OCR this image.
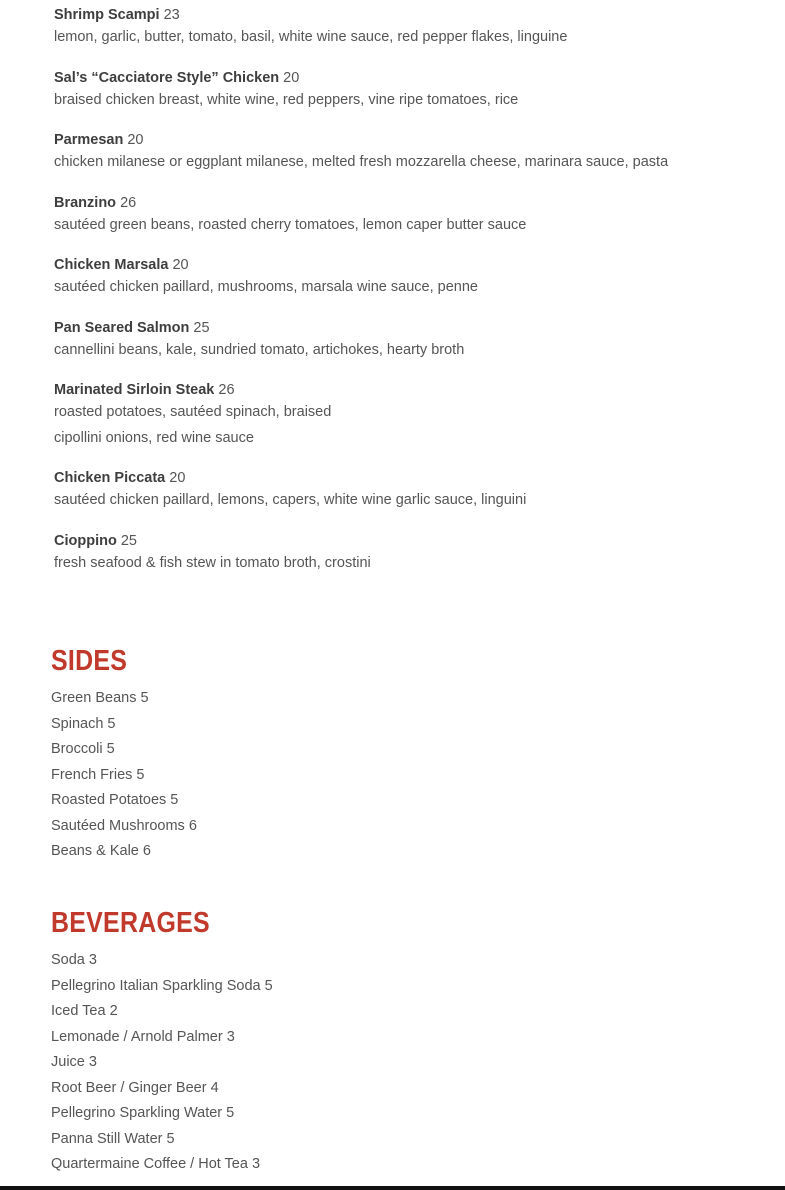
Shrimp Scampi 23
lemon, garlic, butter, tomato, basil, white wine sauce, red pepper flakes, linguine
Sal’s “Cacciatore Style” Chicken 20
braised chicken breast, white wine, red peppers, vine ripe tomatoes, rice
Parmesan 20
chicken milanese or eggplant milanese, melted fresh mozzarella cheese, marinara sauce, pasta
Branzino 26
sautéed green beans, roasted cherry tomatoes, lemon caper butter sauce
Chicken Marsala 20
sautéed chicken paillard, mushrooms, marsala wine sauce, penne
Pan Seared Salmon 25
cannellini beans, kale, sundried tomato, artichokes, hearty broth
Marinated Sirloin Steak 26
roasted potatoes, sautéed spinach, braised
cipollini onions, red wine sauce
Chicken Piccata 20
sautéed chicken paillard, lemons, capers, white wine garlic sauce, linguini
Cioppino 25
fresh seafood & fish stew in tomato broth, crostini
SIDES
Green Beans 5
Spinach 5
Broccoli 5
French Fries 5
Roasted Potatoes 5
Sautéed Mushrooms 6
Beans & Kale 6
BEVERAGES
Soda 3
Pellegrino Italian Sparkling Soda 5
Iced Tea 2
Lemonade / Arnold Palmer 3
Juice 3
Root Beer / Ginger Beer 4
Pellegrino Sparkling Water 5
Panna Still Water 5
Quartermaine Coffee / Hot Tea 3
